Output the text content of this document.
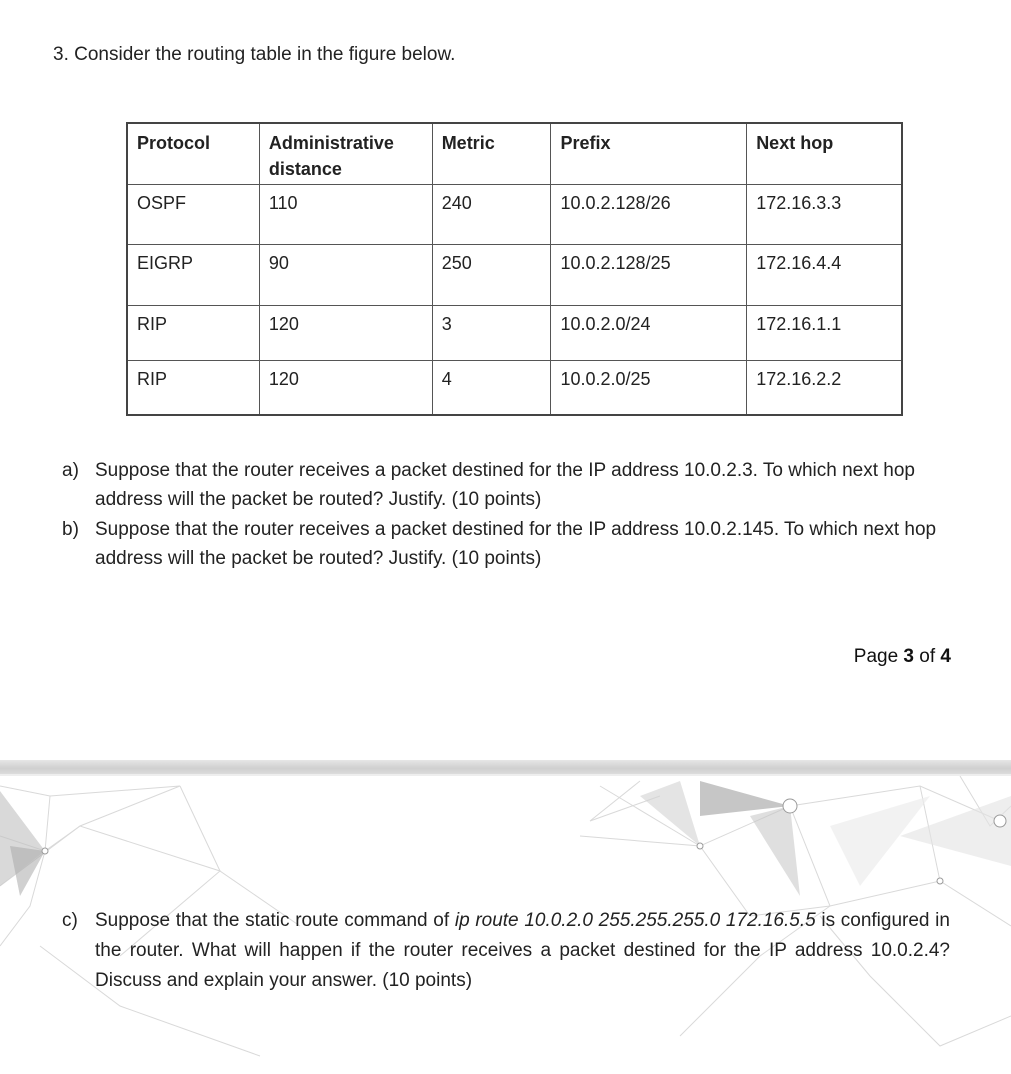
3. Consider the routing table in the figure below.
Protocol	Administrative distance	Metric	Prefix	Next hop
OSPF	110	240	10.0.2.128/26	172.16.3.3
EIGRP	90	250	10.0.2.128/25	172.16.4.4
RIP	120	3	10.0.2.0/24	172.16.1.1
RIP	120	4	10.0.2.0/25	172.16.2.2
a) Suppose that the router receives a packet destined for the IP address 10.0.2.3. To which next hop address will the packet be routed? Justify. (10 points)
b) Suppose that the router receives a packet destined for the IP address 10.0.2.145. To which next hop address will the packet be routed? Justify. (10 points)
Page 3 of 4
c) Suppose that the static route command of ip route 10.0.2.0 255.255.255.0 172.16.5.5 is configured in the router. What will happen if the router receives a packet destined for the IP address 10.0.2.4? Discuss and explain your answer. (10 points)
